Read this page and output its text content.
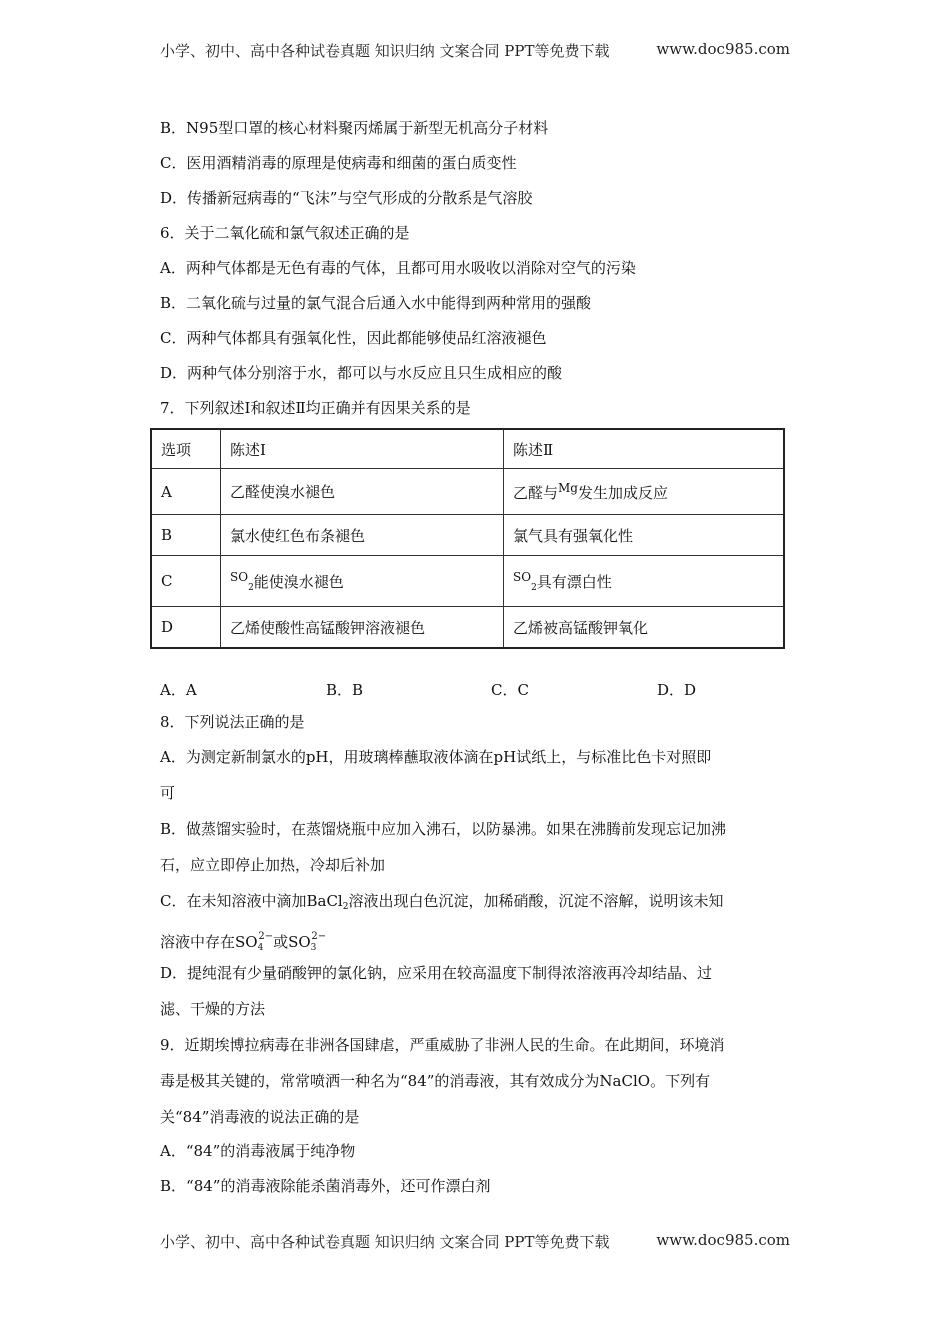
小学、初中、高中各种试卷真题 知识归纳 文案合同 PPT等免费下载	www.doc985.com
B．N95型口罩的核心材料聚丙烯属于新型无机高分子材料
C．医用酒精消毒的原理是使病毒和细菌的蛋白质变性
D．传播新冠病毒的“飞沫”与空气形成的分散系是气溶胶
6．关于二氧化硫和氯气叙述正确的是
A．两种气体都是无色有毒的气体，且都可用水吸收以消除对空气的污染
B．二氧化硫与过量的氯气混合后通入水中能得到两种常用的强酸
C．两种气体都具有强氧化性，因此都能够使品红溶液褪色
D．两种气体分别溶于水，都可以与水反应且只生成相应的酸
7．下列叙述Ⅰ和叙述Ⅱ均正确并有因果关系的是
选项	陈述Ⅰ	陈述Ⅱ
A	乙醛使溴水褪色	乙醛与$^{Mg}$发生加成反应
B	氯水使红色布条褪色	氯气具有强氧化性
C	$^{SO}_2$能使溴水褪色	$^{SO}_2$具有漂白性
D	乙烯使酸性高锰酸钾溶液褪色	乙烯被高锰酸钾氧化
A．A	B．B	C．C	D．D
8．下列说法正确的是
A．为测定新制氯水的pH，用玻璃棒蘸取液体滴在pH试纸上，与标准比色卡对照即
可
B．做蒸馏实验时，在蒸馏烧瓶中应加入沸石，以防暴沸。如果在沸腾前发现忘记加沸
石，应立即停止加热，冷却后补加
C．在未知溶液中滴加BaCl$_2$溶液出现白色沉淀，加稀硝酸，沉淀不溶解，说明该未知
溶液中存在$SO_4^{2-}$或$SO_3^{2-}$
D．提纯混有少量硝酸钾的氯化钠，应采用在较高温度下制得浓溶液再冷却结晶、过
滤、干燥的方法
9．近期埃博拉病毒在非洲各国肆虐，严重威胁了非洲人民的生命。在此期间，环境消
毒是极其关键的，常常喷洒一种名为“84”的消毒液，其有效成分为NaClO。下列有
关“84”消毒液的说法正确的是
A．“84”的消毒液属于纯净物
B．“84”的消毒液除能杀菌消毒外，还可作漂白剂
小学、初中、高中各种试卷真题 知识归纳 文案合同 PPT等免费下载	www.doc985.com
